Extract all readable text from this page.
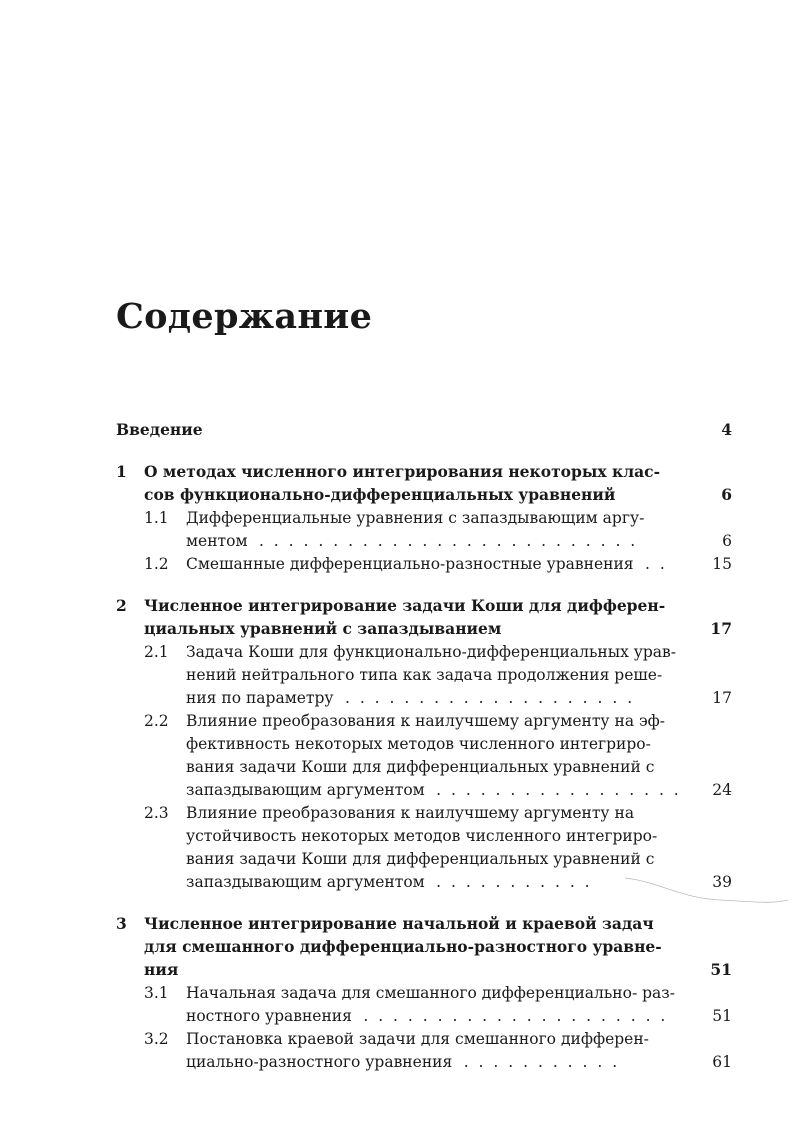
Содержание
Введение	4
1 О методах численного интегрирования некоторых клас-
сов функционально-дифференциальных уравнений	6
1.1 Дифференциальные уравнения с запаздывающим аргу-
ментом . . . . . . . . . . . . . . . . . . . . . . . . . .	6
1.2 Смешанные дифференциально-разностные уравнения . .	15
2 Численное интегрирование задачи Коши для дифферен-
циальных уравнений с запаздыванием	17
2.1 Задача Коши для функционально-дифференциальных урав-
нений нейтрального типа как задача продолжения реше-
ния по параметру . . . . . . . . . . . . . . . . . . . .	17
2.2 Влияние преобразования к наилучшему аргументу на эф-
фективность некоторых методов численного интегриро-
вания задачи Коши для дифференциальных уравнений с
запаздывающим аргументом . . . . . . . . . . . . . . . . . 24
2.3 Влияние преобразования к наилучшему аргументу на
устойчивость некоторых методов численного интегриро-
вания задачи Коши для дифференциальных уравнений с
запаздывающим аргументом . . . . . . . . . . .	39
3 Численное интегрирование начальной и краевой задач
для смешанного дифференциально-разностного уравне-
ния	51
3.1 Начальная задача для смешанного дифференциально- раз-
ностного уравнения . . . . . . . . . . . . . . . . . . . . .	51
3.2 Постановка краевой задачи для смешанного дифферен-
циально-разностного уравнения . . . . . . . . . . .	61
